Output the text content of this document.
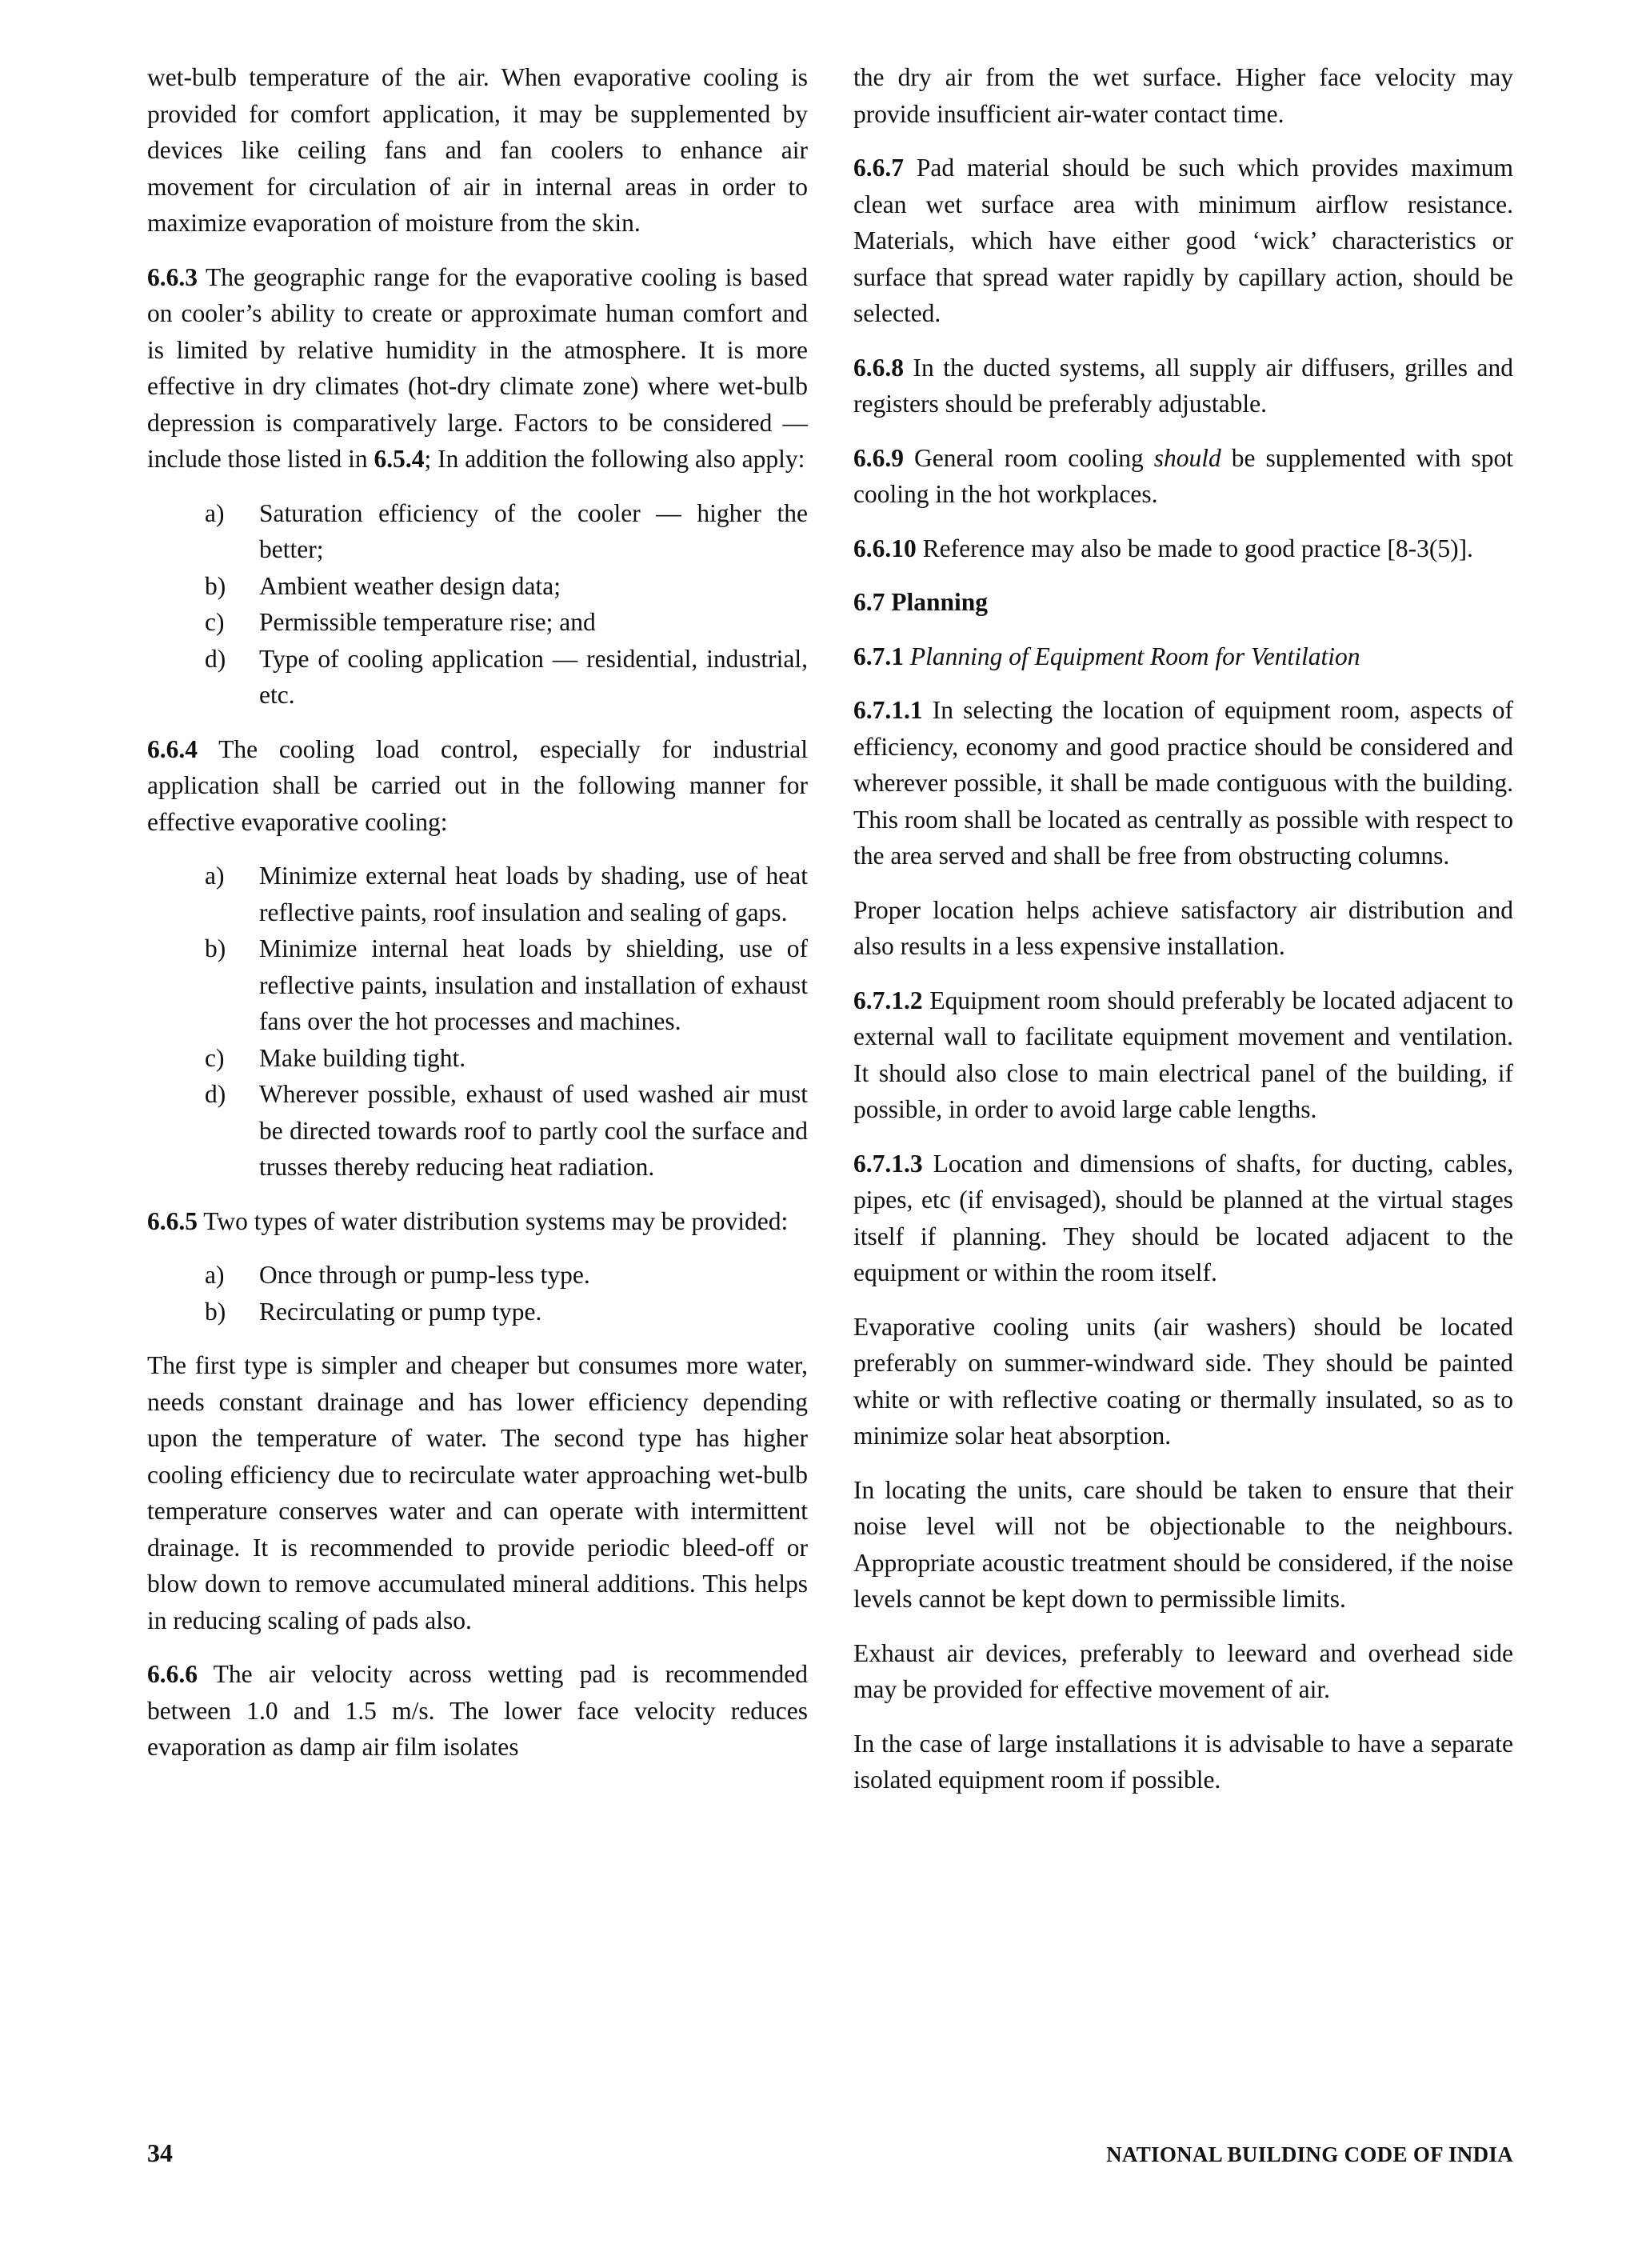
wet-bulb temperature of the air. When evaporative cooling is provided for comfort application, it may be supplemented by devices like ceiling fans and fan coolers to enhance air movement for circulation of air in internal areas in order to maximize evaporation of moisture from the skin.

6.6.3 The geographic range for the evaporative cooling is based on cooler’s ability to create or approximate human comfort and is limited by relative humidity in the atmosphere. It is more effective in dry climates (hot-dry climate zone) where wet-bulb depression is comparatively large. Factors to be considered — include those listed in 6.5.4; In addition the following also apply:

a) Saturation efficiency of the cooler — higher the better;
b) Ambient weather design data;
c) Permissible temperature rise; and
d) Type of cooling application — residential, industrial, etc.

6.6.4 The cooling load control, especially for industrial application shall be carried out in the following manner for effective evaporative cooling:

a) Minimize external heat loads by shading, use of heat reflective paints, roof insulation and sealing of gaps.
b) Minimize internal heat loads by shielding, use of reflective paints, insulation and installation of exhaust fans over the hot processes and machines.
c) Make building tight.
d) Wherever possible, exhaust of used washed air must be directed towards roof to partly cool the surface and trusses thereby reducing heat radiation.

6.6.5 Two types of water distribution systems may be provided:

a) Once through or pump-less type.
b) Recirculating or pump type.

The first type is simpler and cheaper but consumes more water, needs constant drainage and has lower efficiency depending upon the temperature of water. The second type has higher cooling efficiency due to recirculate water approaching wet-bulb temperature conserves water and can operate with intermittent drainage. It is recommended to provide periodic bleed-off or blow down to remove accumulated mineral additions. This helps in reducing scaling of pads also.

6.6.6 The air velocity across wetting pad is recommended between 1.0 and 1.5 m/s. The lower face velocity reduces evaporation as damp air film isolates

the dry air from the wet surface. Higher face velocity may provide insufficient air-water contact time.

6.6.7 Pad material should be such which provides maximum clean wet surface area with minimum airflow resistance. Materials, which have either good ‘wick’ characteristics or surface that spread water rapidly by capillary action, should be selected.

6.6.8 In the ducted systems, all supply air diffusers, grilles and registers should be preferably adjustable.

6.6.9 General room cooling should be supplemented with spot cooling in the hot workplaces.

6.6.10 Reference may also be made to good practice [8-3(5)].

6.7 Planning

6.7.1 Planning of Equipment Room for Ventilation

6.7.1.1 In selecting the location of equipment room, aspects of efficiency, economy and good practice should be considered and wherever possible, it shall be made contiguous with the building. This room shall be located as centrally as possible with respect to the area served and shall be free from obstructing columns.

Proper location helps achieve satisfactory air distribution and also results in a less expensive installation.

6.7.1.2 Equipment room should preferably be located adjacent to external wall to facilitate equipment movement and ventilation. It should also close to main electrical panel of the building, if possible, in order to avoid large cable lengths.

6.7.1.3 Location and dimensions of shafts, for ducting, cables, pipes, etc (if envisaged), should be planned at the virtual stages itself if planning. They should be located adjacent to the equipment or within the room itself.

Evaporative cooling units (air washers) should be located preferably on summer-windward side. They should be painted white or with reflective coating or thermally insulated, so as to minimize solar heat absorption.

In locating the units, care should be taken to ensure that their noise level will not be objectionable to the neighbours. Appropriate acoustic treatment should be considered, if the noise levels cannot be kept down to permissible limits.

Exhaust air devices, preferably to leeward and overhead side may be provided for effective movement of air.

In the case of large installations it is advisable to have a separate isolated equipment room if possible.

34	NATIONAL BUILDING CODE OF INDIA
